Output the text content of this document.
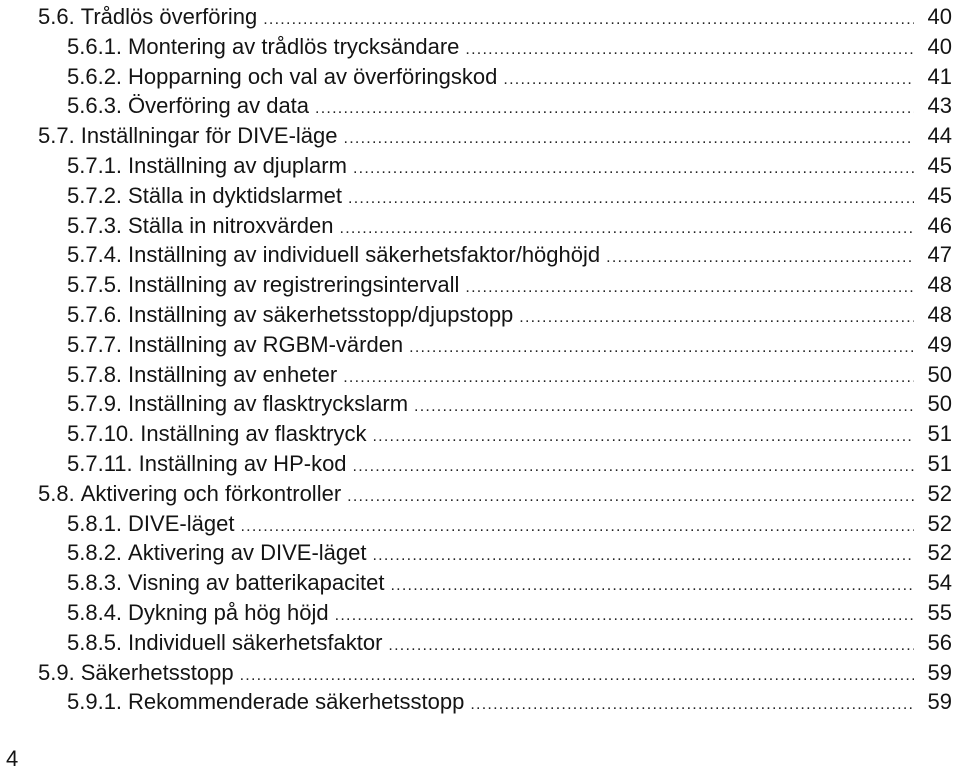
5.6. Trådlös överföring . . .	40
5.6.1. Montering av trådlös trycksändare . . .	40
5.6.2. Hopparning och val av överföringskod . . .	41
5.6.3. Överföring av data . . .	43
5.7. Inställningar för DIVE-läge . . .	44
5.7.1. Inställning av djuplarm . . .	45
5.7.2. Ställa in dyktidslarmet . . .	45
5.7.3. Ställa in nitroxvärden . . .	46
5.7.4. Inställning av individuell säkerhetsfaktor/höghöjd . . .	47
5.7.5. Inställning av registreringsintervall . . .	48
5.7.6. Inställning av säkerhetsstopp/djupstopp . . .	48
5.7.7. Inställning av RGBM-värden . . .	49
5.7.8. Inställning av enheter . . .	50
5.7.9. Inställning av flasktryckslarm . . .	50
5.7.10. Inställning av flasktryck . . .	51
5.7.11. Inställning av HP-kod . . .	51
5.8. Aktivering och förkontroller . . .	52
5.8.1. DIVE-läget . . .	52
5.8.2. Aktivering av DIVE-läget . . .	52
5.8.3. Visning av batterikapacitet . . .	54
5.8.4. Dykning på hög höjd . . .	55
5.8.5. Individuell säkerhetsfaktor . . .	56
5.9. Säkerhetsstopp . . .	59
5.9.1. Rekommenderade säkerhetsstopp . . .	59
4
